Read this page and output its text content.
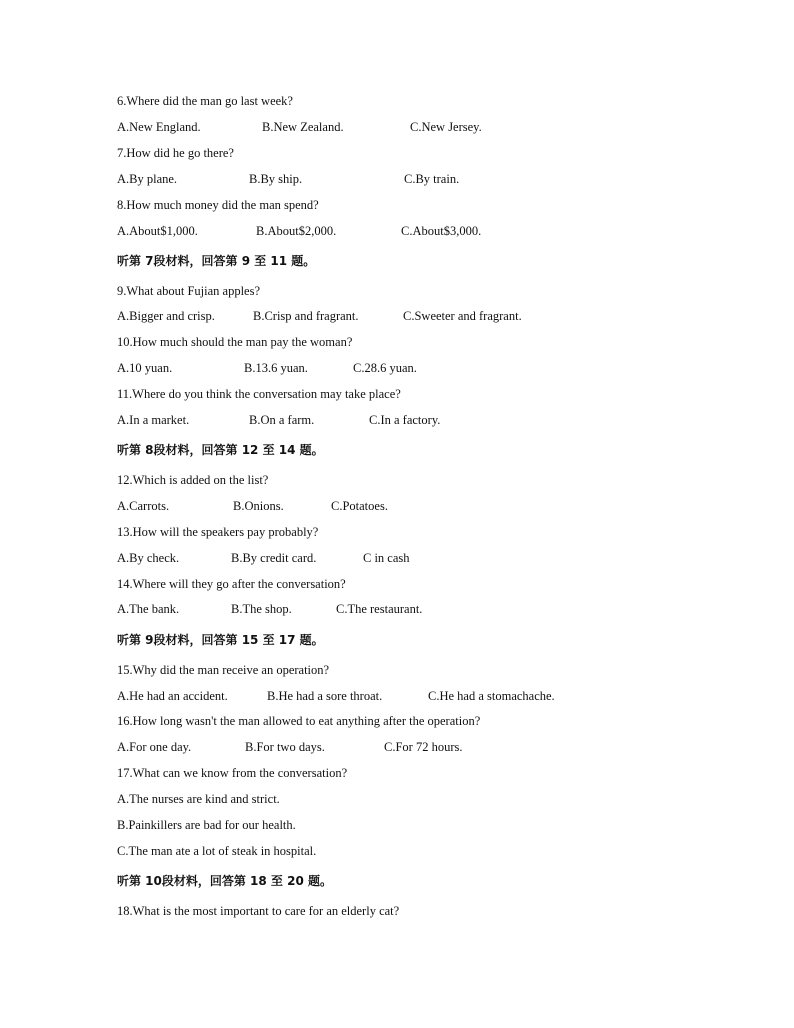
6.Where did the man go last week?
A.New England.	B.New Zealand.	C.New Jersey.
7.How did he go there?
A.By plane.	B.By ship.	C.By train.
8.How much money did the man spend?
A.About$1,000.	B.About$2,000.	C.About$3,000.
听第 7段材料，回答第 9 至 11 题。
9.What about Fujian apples?
A.Bigger and crisp.	B.Crisp and fragrant.	C.Sweeter and fragrant.
10.How much should the man pay the woman?
A.10 yuan.	B.13.6 yuan.	C.28.6 yuan.
11.Where do you think the conversation may take place?
A.In a market.	B.On a farm.	C.In a factory.
听第 8段材料，回答第 12 至 14 题。
12.Which is added on the list?
A.Carrots.	B.Onions.	C.Potatoes.
13.How will the speakers pay probably?
A.By check.	B.By credit card.	C in cash
14.Where will they go after the conversation?
A.The bank.	B.The shop.	C.The restaurant.
听第 9段材料，回答第 15 至 17 题。
15.Why did the man receive an operation?
A.He had an accident.	B.He had a sore throat.	C.He had a stomachache.
16.How long wasn't the man allowed to eat anything after the operation?
A.For one day.	B.For two days.	C.For 72 hours.
17.What can we know from the conversation?
A.The nurses are kind and strict.
B.Painkillers are bad for our health.
C.The man ate a lot of steak in hospital.
听第 10段材料，回答第 18 至 20 题。
18.What is the most important to care for an elderly cat?
